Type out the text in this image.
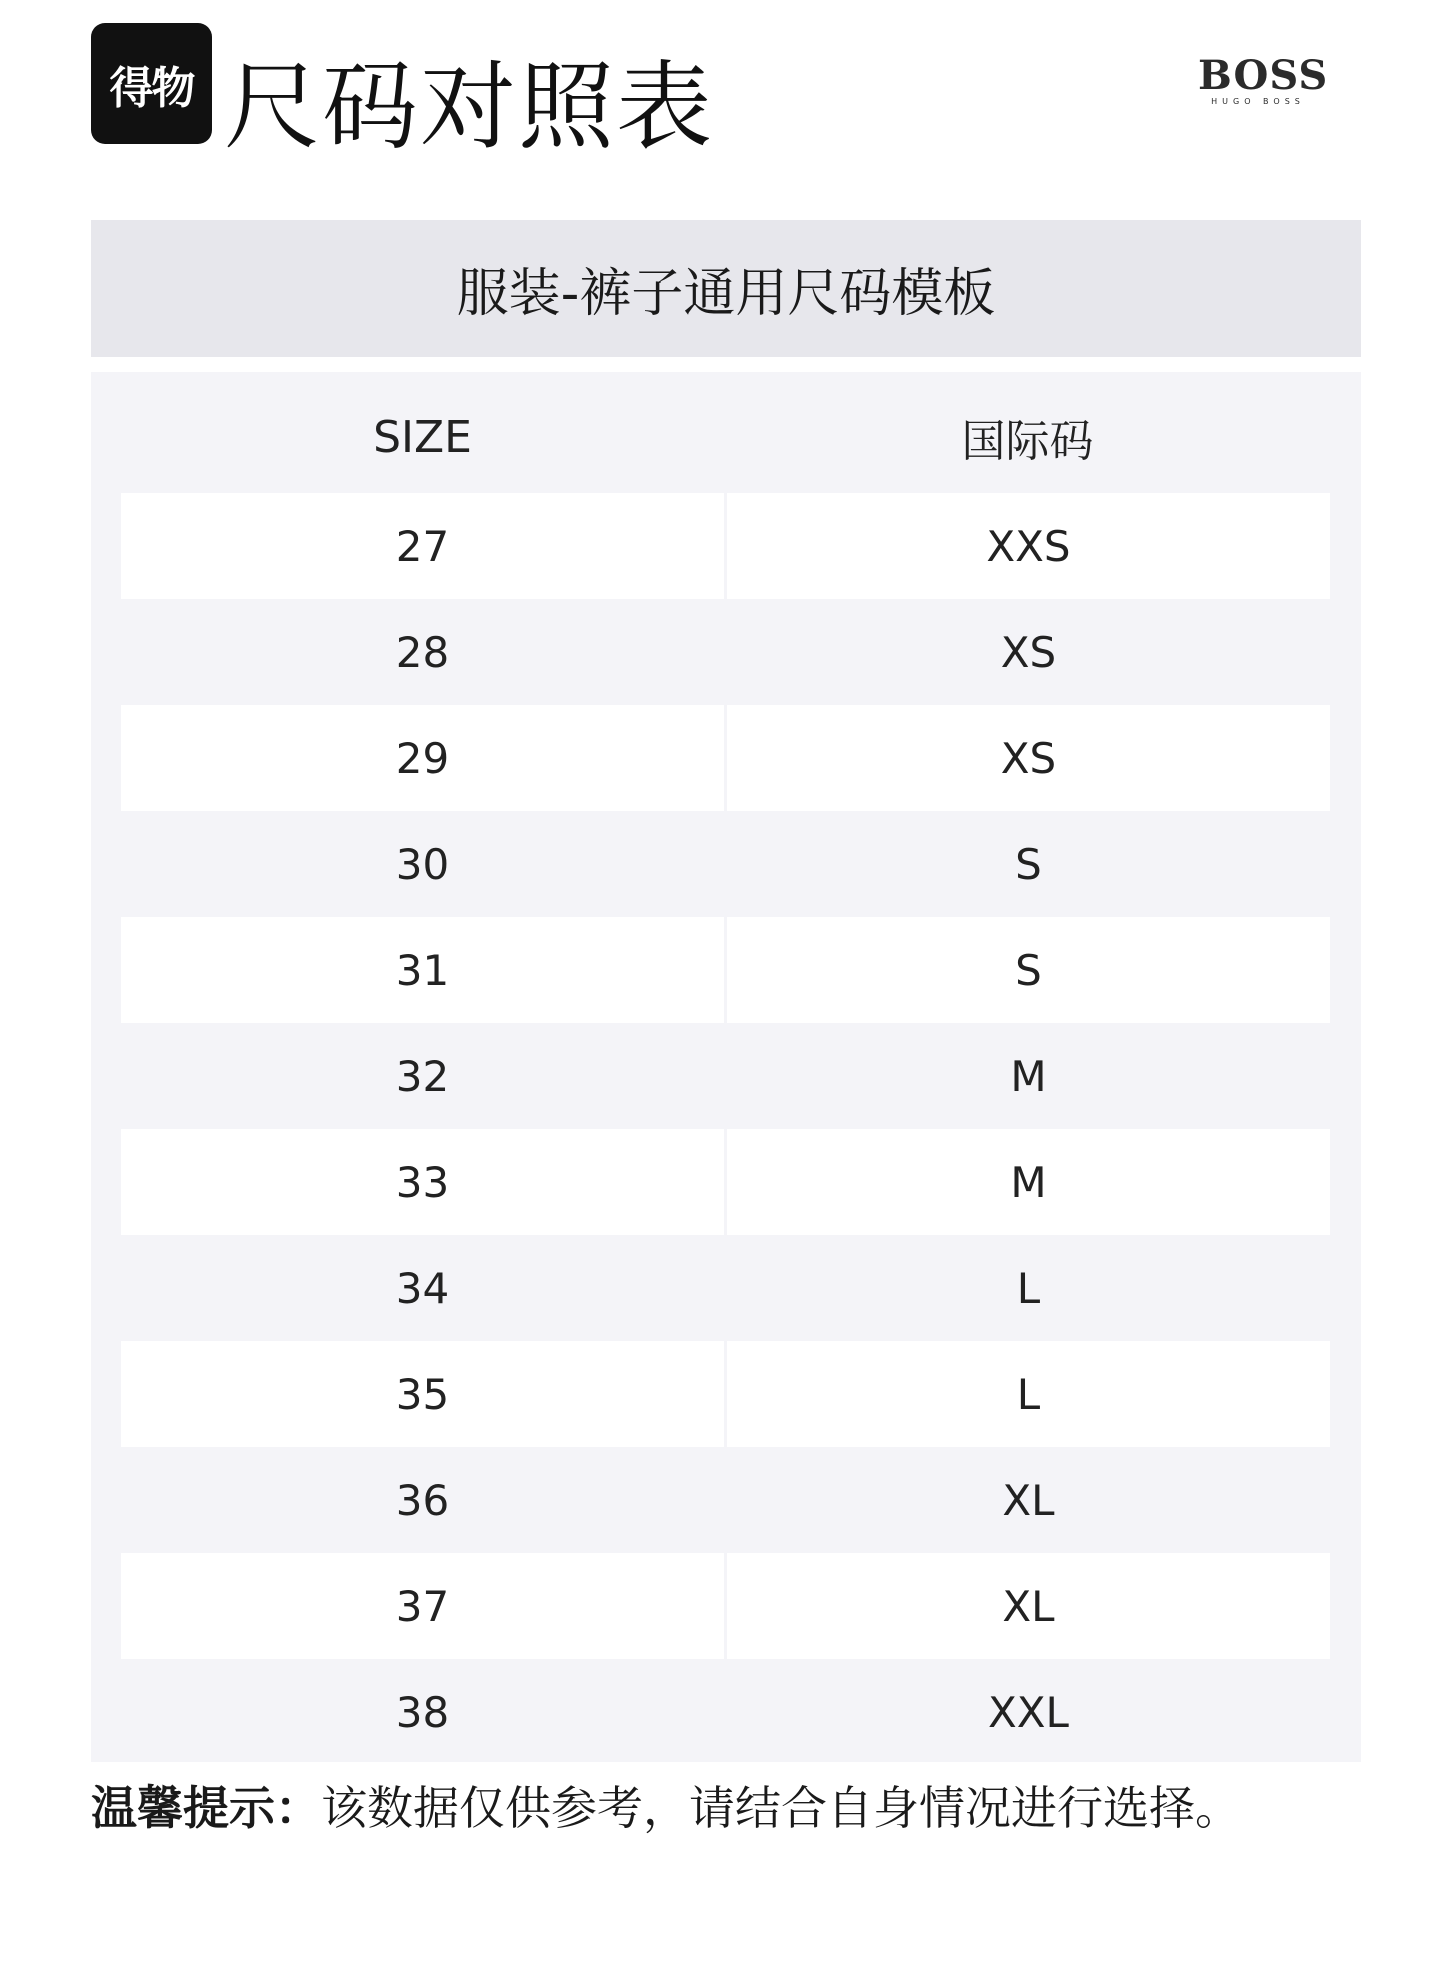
得物 尺码对照表	BOSS
HUGO BOSS
服装-裤子通用尺码模板
SIZE	国际码
27	XXS
28	XS
29	XS
30	S
31	S
32	M
33	M
34	L
35	L
36	XL
37	XL
38	XXL
温馨提示：该数据仅供参考，请结合自身情况进行选择。
